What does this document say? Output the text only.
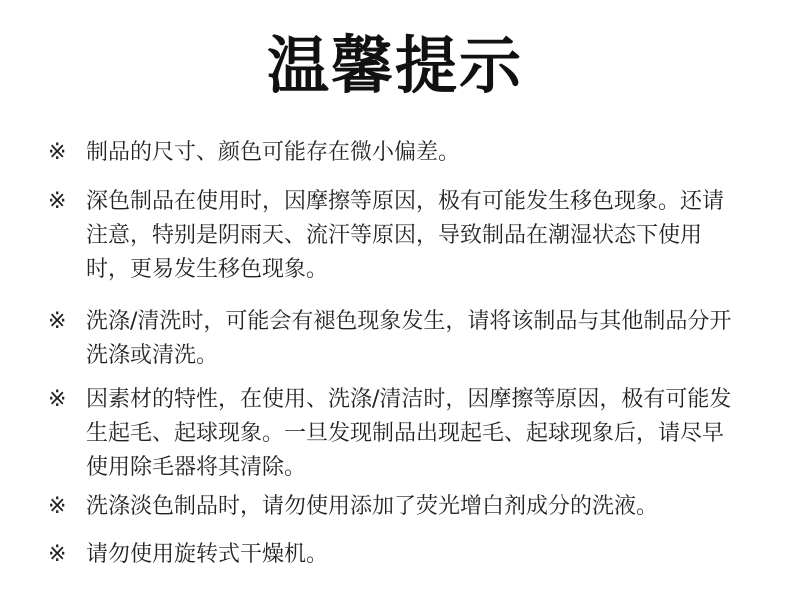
温馨提示
※ 制品的尺寸、颜色可能存在微小偏差。
※ 深色制品在使用时，因摩擦等原因，极有可能发生移色现象。还请注意，特别是阴雨天、流汗等原因，导致制品在潮湿状态下使用时，更易发生移色现象。
※ 洗涤/清洗时，可能会有褪色现象发生，请将该制品与其他制品分开洗涤或清洗。
※ 因素材的特性，在使用、洗涤/清洁时，因摩擦等原因，极有可能发生起毛、起球现象。一旦发现制品出现起毛、起球现象后，请尽早使用除毛器将其清除。
※ 洗涤淡色制品时，请勿使用添加了荧光增白剂成分的洗液。
※ 请勿使用旋转式干燥机。
